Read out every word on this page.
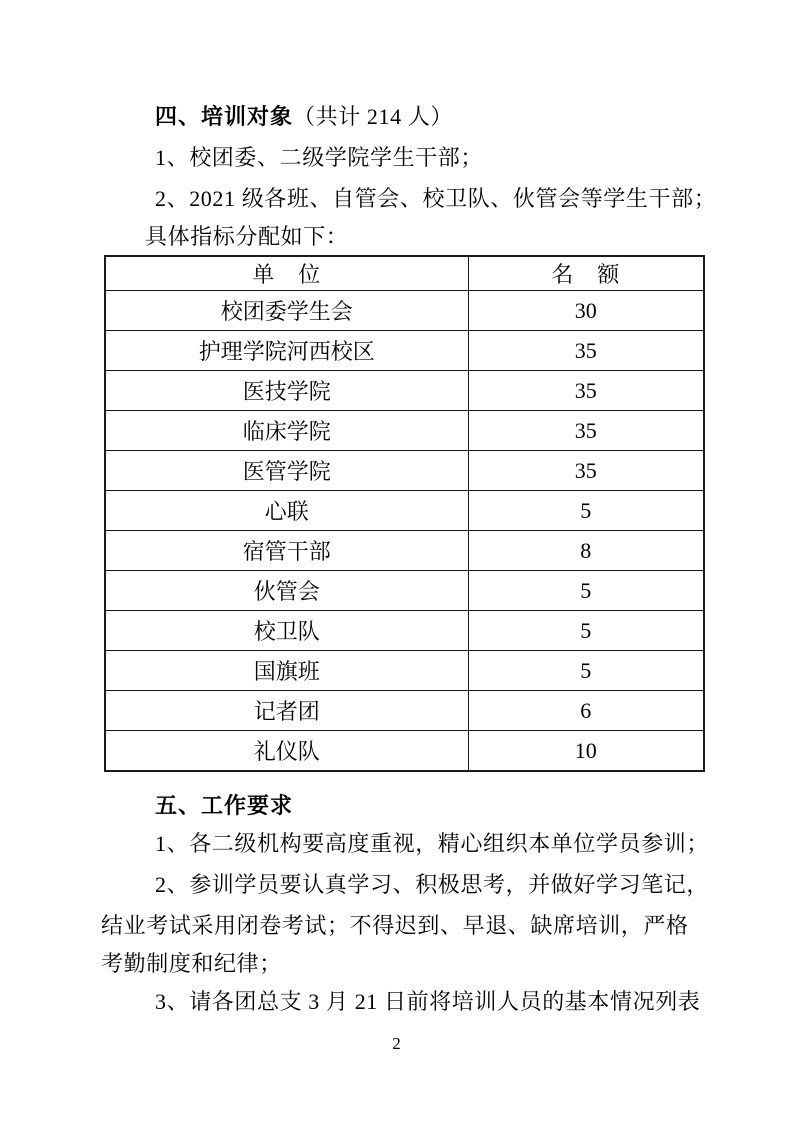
四、培训对象（共计 214 人）
1、校团委、二级学院学生干部；
2、2021 级各班、自管会、校卫队、伙管会等学生干部；
具体指标分配如下：
单　位	名　额
校团委学生会	30
护理学院河西校区	35
医技学院	35
临床学院	35
医管学院	35
心联	5
宿管干部	8
伙管会	5
校卫队	5
国旗班	5
记者团	6
礼仪队	10
五、工作要求
1、各二级机构要高度重视，精心组织本单位学员参训；
2、参训学员要认真学习、积极思考，并做好学习笔记，
结业考试采用闭卷考试；不得迟到、早退、缺席培训，严格
考勤制度和纪律；
3、请各团总支 3 月 21 日前将培训人员的基本情况列表
2
